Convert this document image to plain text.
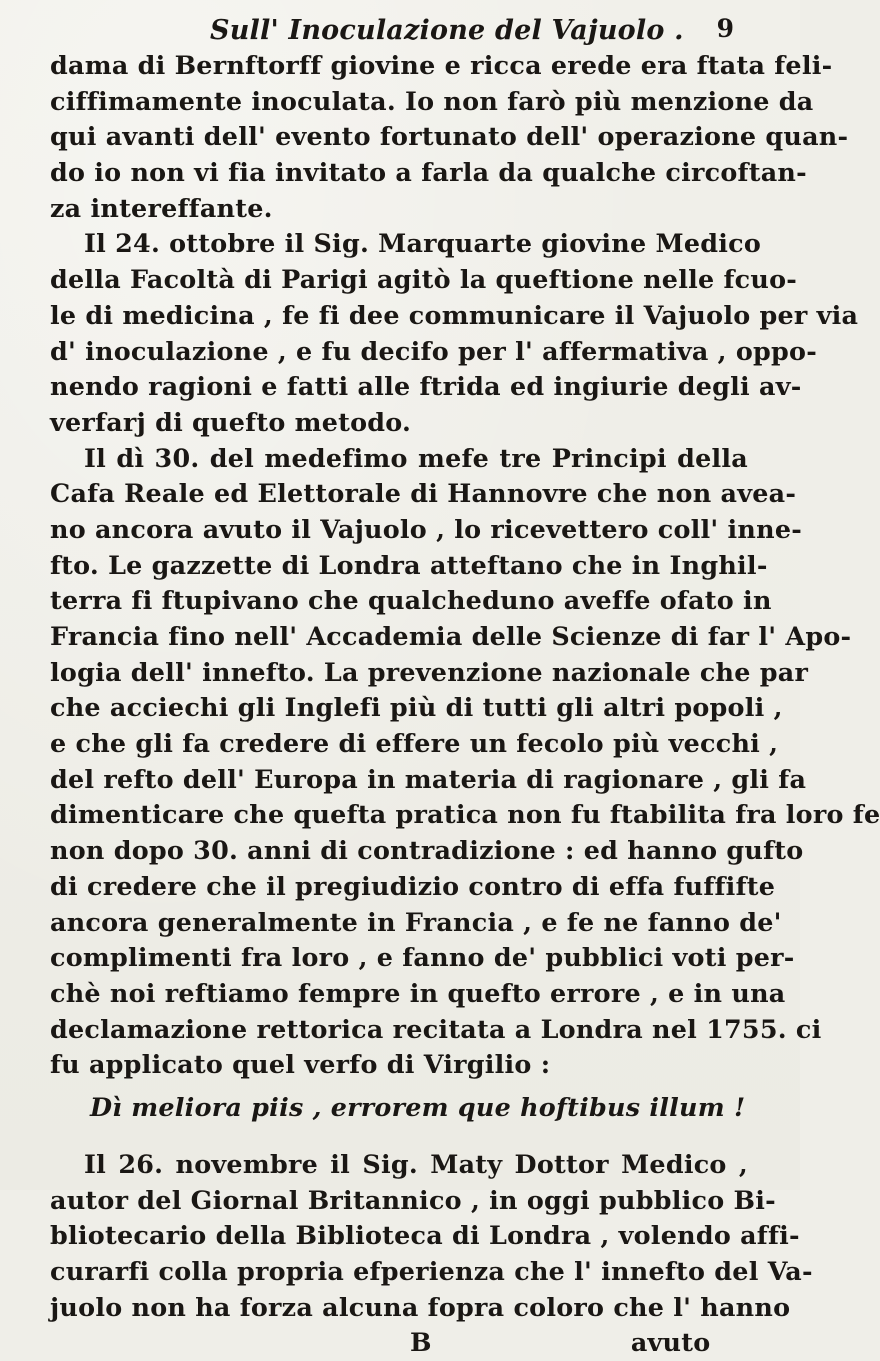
Sull' Inoculazione del Vajuolo . 9
dama di Bernftorff giovine e ricca erede era ftata feli-
ciffimamente inoculata. Io non farò più menzione da
qui avanti dell' evento fortunato dell' operazione quan-
do io non vi fia invitato a farla da qualche circoftan-
za intereffante.
Il 24. ottobre il Sig. Marquarte giovine Medico
della Facoltà di Parigi agitò la queftione nelle fcuo-
le di medicina , fe fi dee communicare il Vajuolo per via
d' inoculazione , e fu decifo per l' affermativa , oppo-
nendo ragioni e fatti alle ftrida ed ingiurie degli av-
verfarj di quefto metodo.
Il dì 30. del medefimo mefe tre Principi della
Cafa Reale ed Elettorale di Hannovre che non avea-
no ancora avuto il Vajuolo , lo ricevettero coll' inne-
fto. Le gazzette di Londra atteftano che in Inghil-
terra fi ftupivano che qualcheduno aveffe ofato in
Francia fino nell' Accademia delle Scienze di far l' Apo-
logia dell' innefto. La prevenzione nazionale che par
che acciechi gli Inglefi più di tutti gli altri popoli ,
e che gli fa credere di effere un fecolo più vecchi ,
del refto dell' Europa in materia di ragionare , gli fa
dimenticare che quefta pratica non fu ftabilita fra loro fe
non dopo 30. anni di contradizione : ed hanno gufto
di credere che il pregiudizio contro di effa fuffifte
ancora generalmente in Francia , e fe ne fanno de'
complimenti fra loro , e fanno de' pubblici voti per-
chè noi reftiamo fempre in quefto errore , e in una
declamazione rettorica recitata a Londra nel 1755. ci
fu applicato quel verfo di Virgilio :
Dì meliora piis , errorem que hoftibus illum !
Il 26. novembre il Sig. Maty Dottor Medico ,
autor del Giornal Britannico , in oggi pubblico Bi-
bliotecario della Biblioteca di Londra , volendo affi-
curarfi colla propria efperienza che l' innefto del Va-
juolo non ha forza alcuna fopra coloro che l' hanno
B	avuto
